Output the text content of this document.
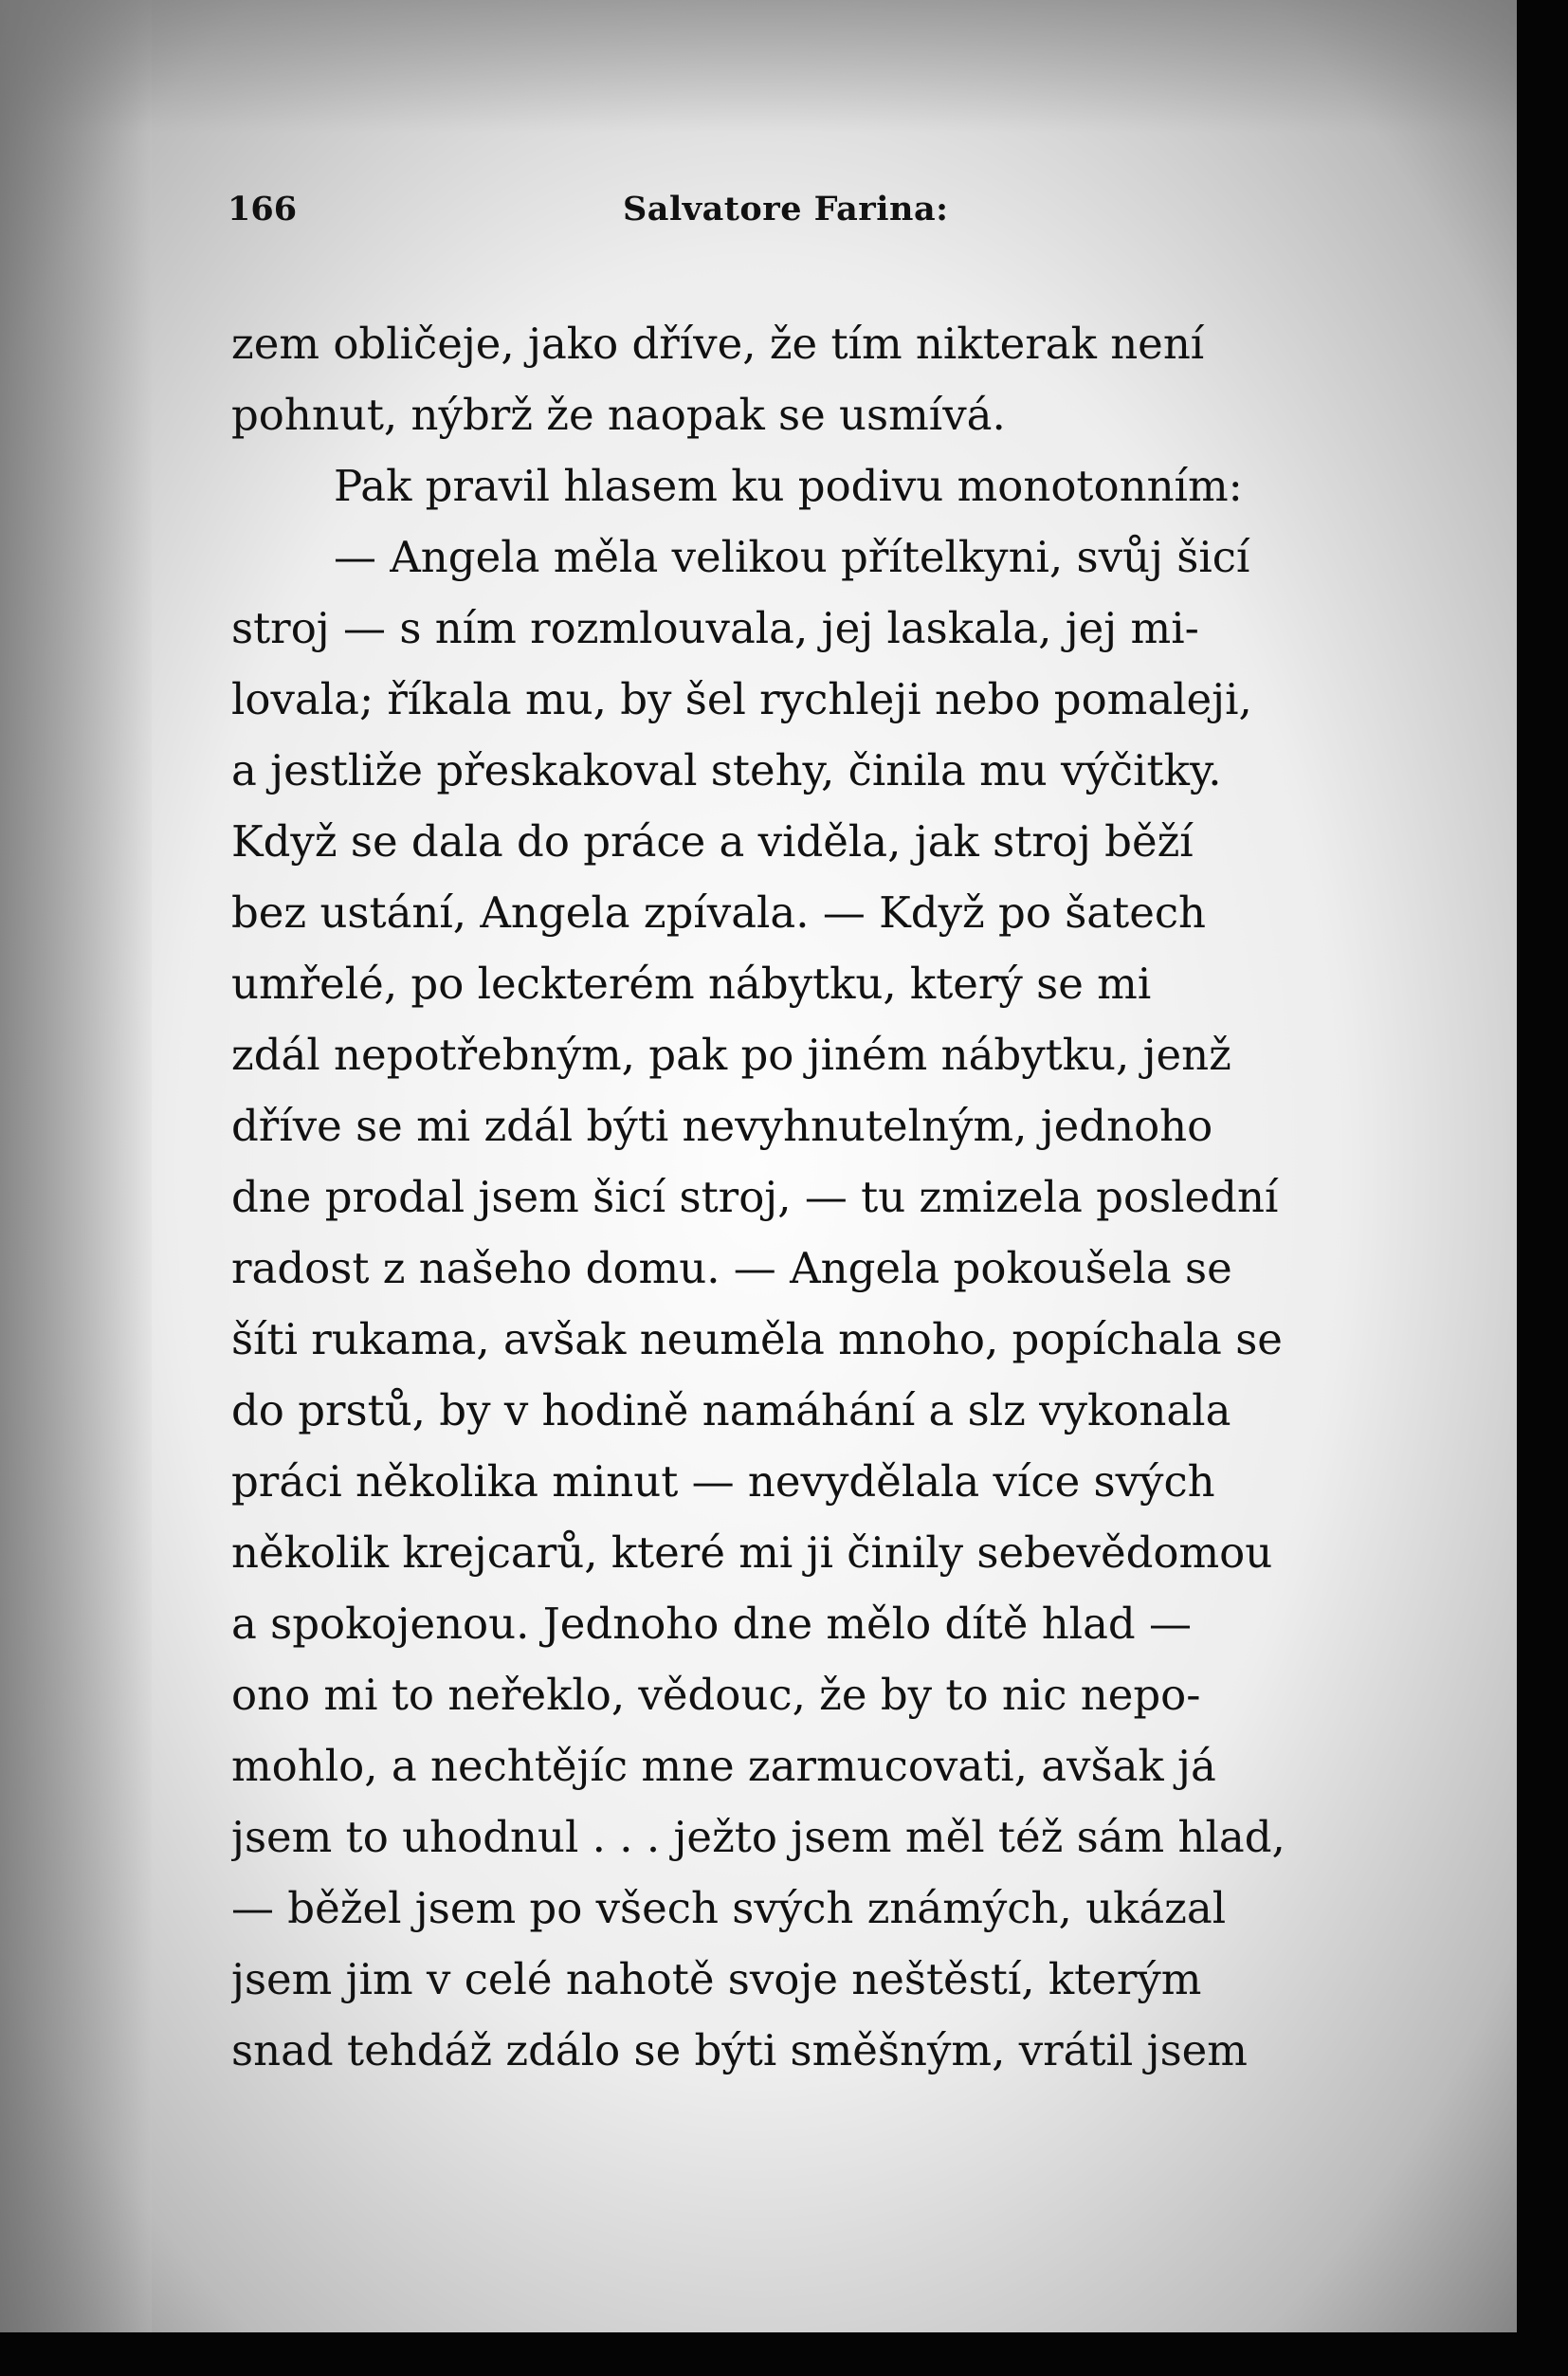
166	Salvatore Farina:
zem obličeje, jako dříve, že tím nikterak není
pohnut, nýbrž že naopak se usmívá.
Pak pravil hlasem ku podivu monotonním:
— Angela měla velikou přítelkyni, svůj šicí
stroj — s ním rozmlouvala, jej laskala, jej mi-
lovala; říkala mu, by šel rychleji nebo pomaleji,
a jestliže přeskakoval stehy, činila mu výčitky.
Když se dala do práce a viděla, jak stroj běží
bez ustání, Angela zpívala. — Když po šatech
umřelé, po leckterém nábytku, který se mi
zdál nepotřebným, pak po jiném nábytku, jenž
dříve se mi zdál býti nevyhnutelným, jednoho
dne prodal jsem šicí stroj, — tu zmizela poslední
radost z našeho domu. — Angela pokoušela se
šíti rukama, avšak neuměla mnoho, popíchala se
do prstů, by v hodině namáhání a slz vykonala
práci několika minut — nevydělala více svých
několik krejcarů, které mi ji činily sebevědomou
a spokojenou. Jednoho dne mělo dítě hlad —
ono mi to neřeklo, vědouc, že by to nic nepo-
mohlo, a nechtějíc mne zarmucovati, avšak já
jsem to uhodnul . . . ježto jsem měl též sám hlad,
— běžel jsem po všech svých známých, ukázal
jsem jim v celé nahotě svoje neštěstí, kterým
snad tehdáž zdálo se býti směšným, vrátil jsem
